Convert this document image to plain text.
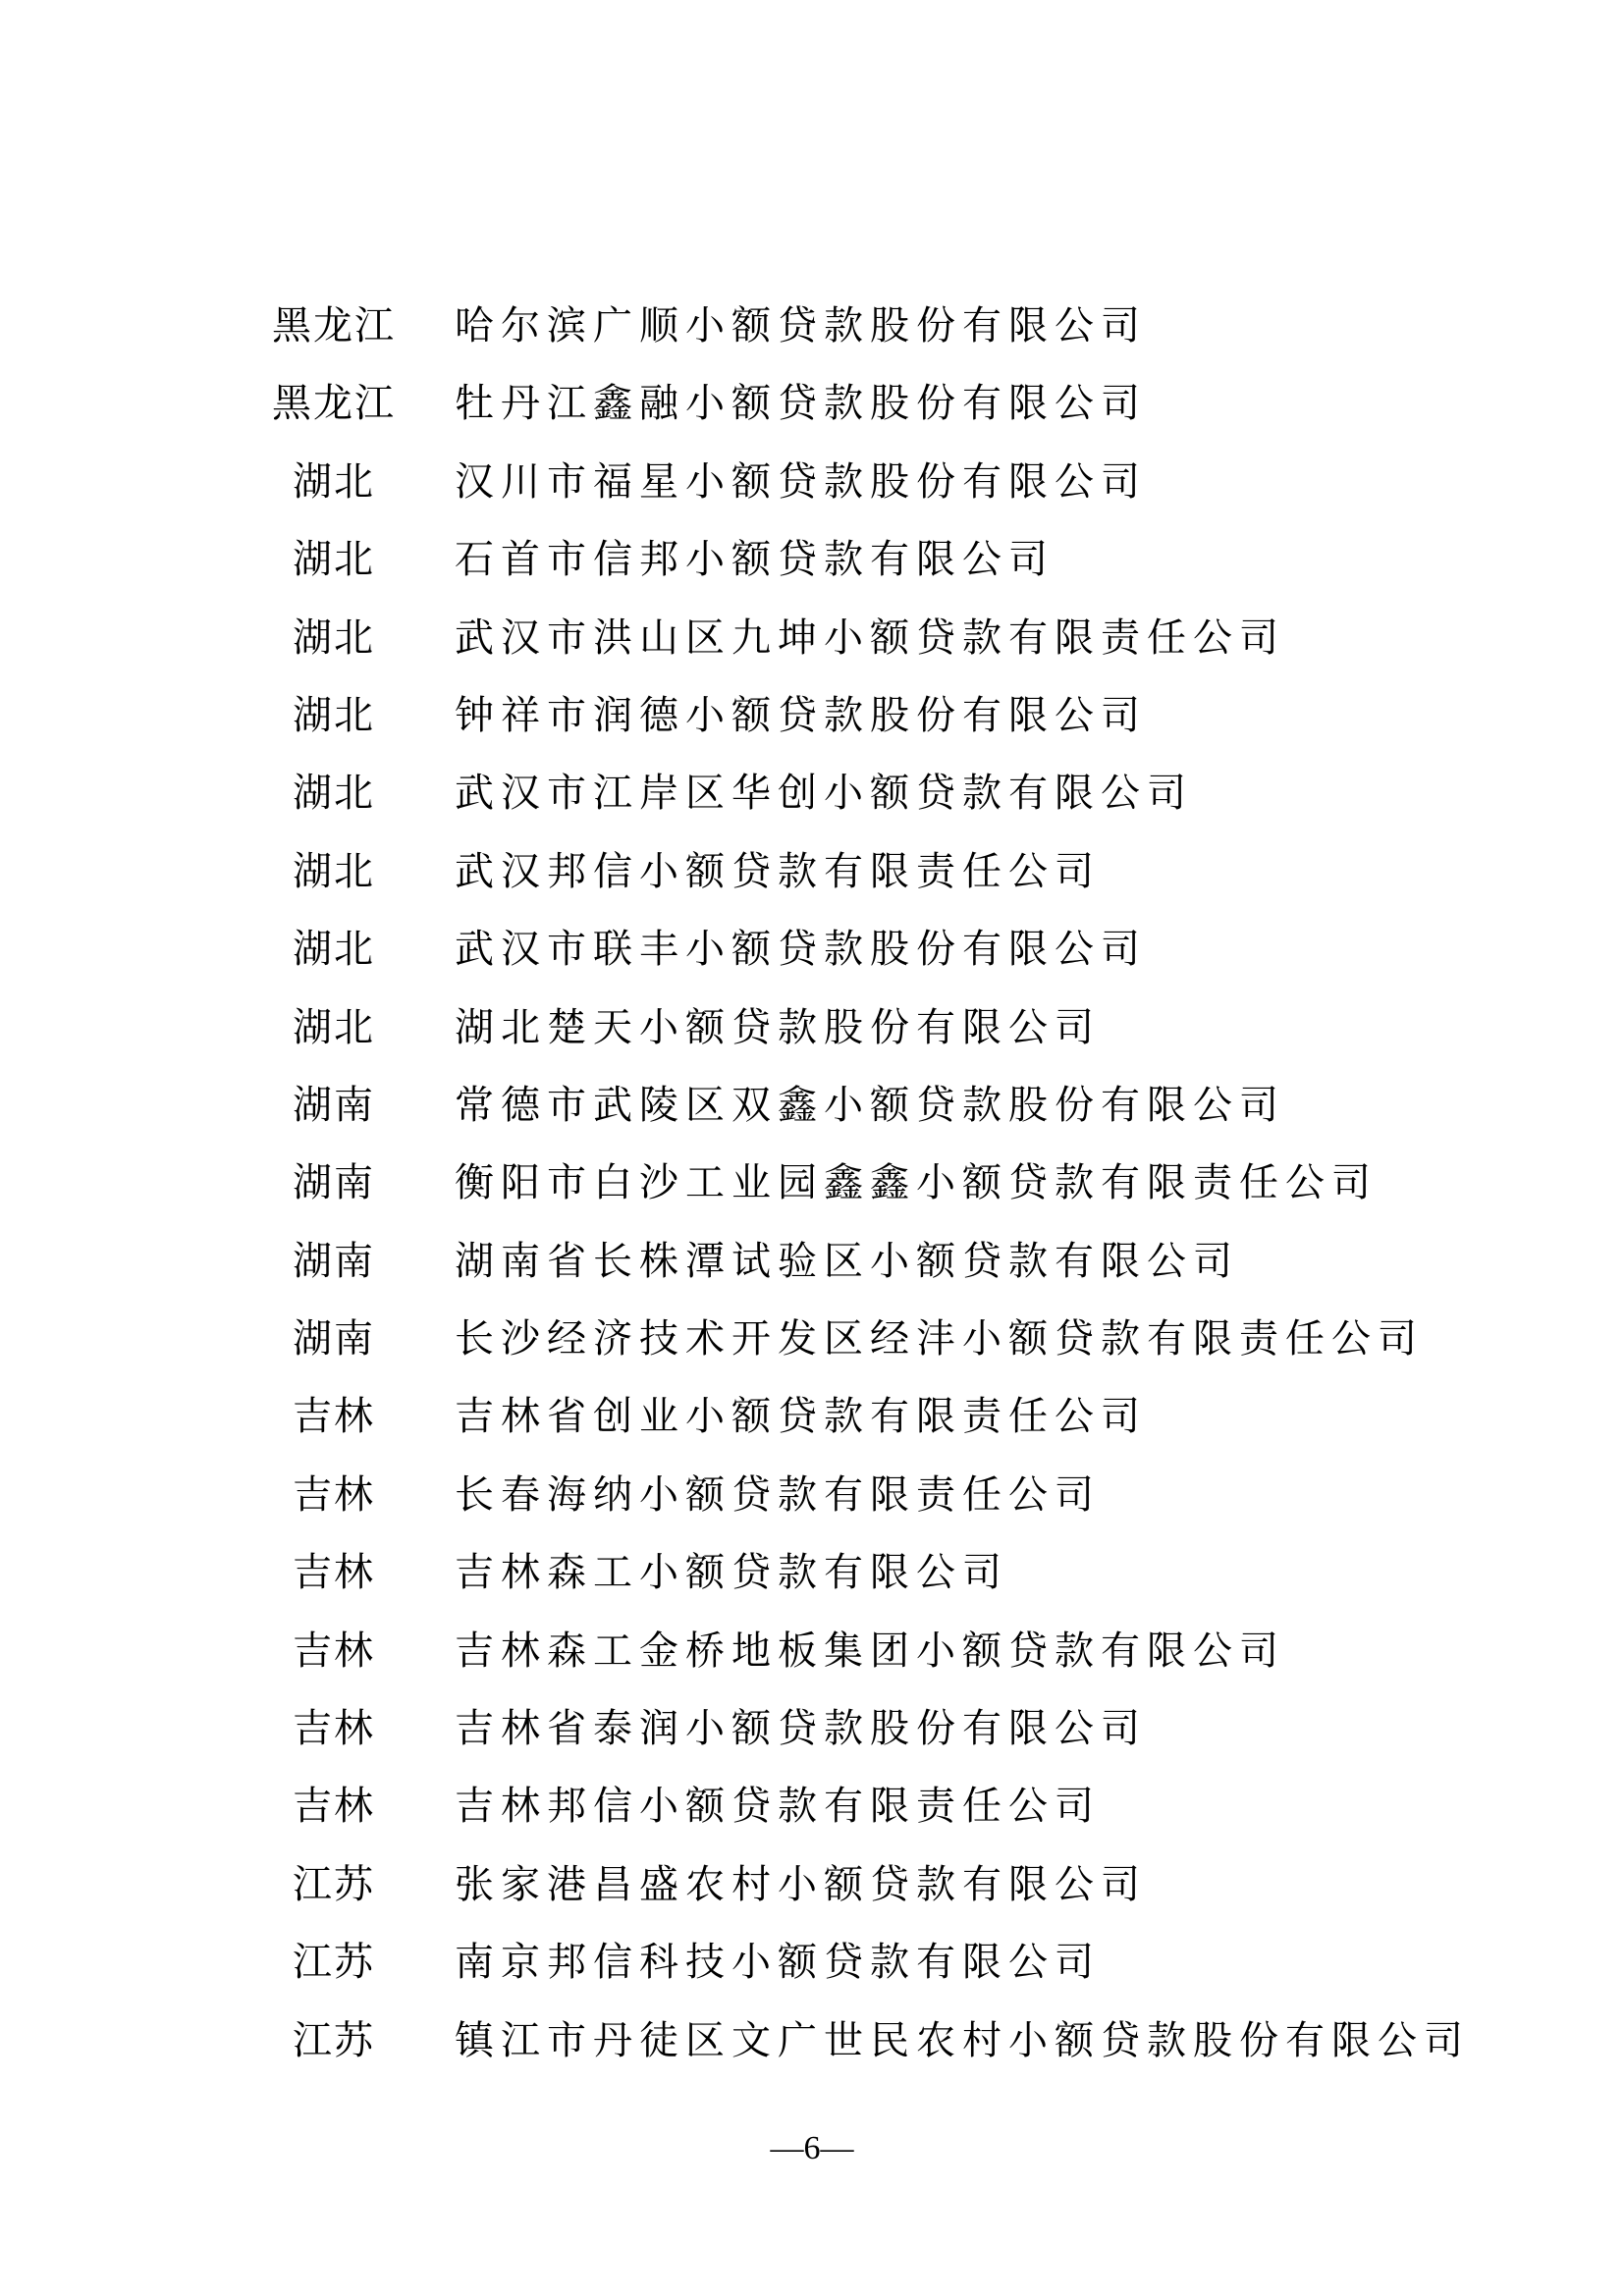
黑龙江 哈尔滨广顺小额贷款股份有限公司
黑龙江 牡丹江鑫融小额贷款股份有限公司
湖北	汉川市福星小额贷款股份有限公司
湖北	石首市信邦小额贷款有限公司
湖北	武汉市洪山区九坤小额贷款有限责任公司
湖北	钟祥市润德小额贷款股份有限公司
湖北	武汉市江岸区华创小额贷款有限公司
湖北	武汉邦信小额贷款有限责任公司
湖北	武汉市联丰小额贷款股份有限公司
湖北	湖北楚天小额贷款股份有限公司
湖南	常德市武陵区双鑫小额贷款股份有限公司
湖南	衡阳市白沙工业园鑫鑫小额贷款有限责任公司
湖南	湖南省长株潭试验区小额贷款有限公司
湖南	长沙经济技术开发区经沣小额贷款有限责任公司
吉林	吉林省创业小额贷款有限责任公司
吉林	长春海纳小额贷款有限责任公司
吉林	吉林森工小额贷款有限公司
吉林	吉林森工金桥地板集团小额贷款有限公司
吉林	吉林省泰润小额贷款股份有限公司
吉林	吉林邦信小额贷款有限责任公司
江苏	张家港昌盛农村小额贷款有限公司
江苏	南京邦信科技小额贷款有限公司
江苏	镇江市丹徒区文广世民农村小额贷款股份有限公司
—6—
